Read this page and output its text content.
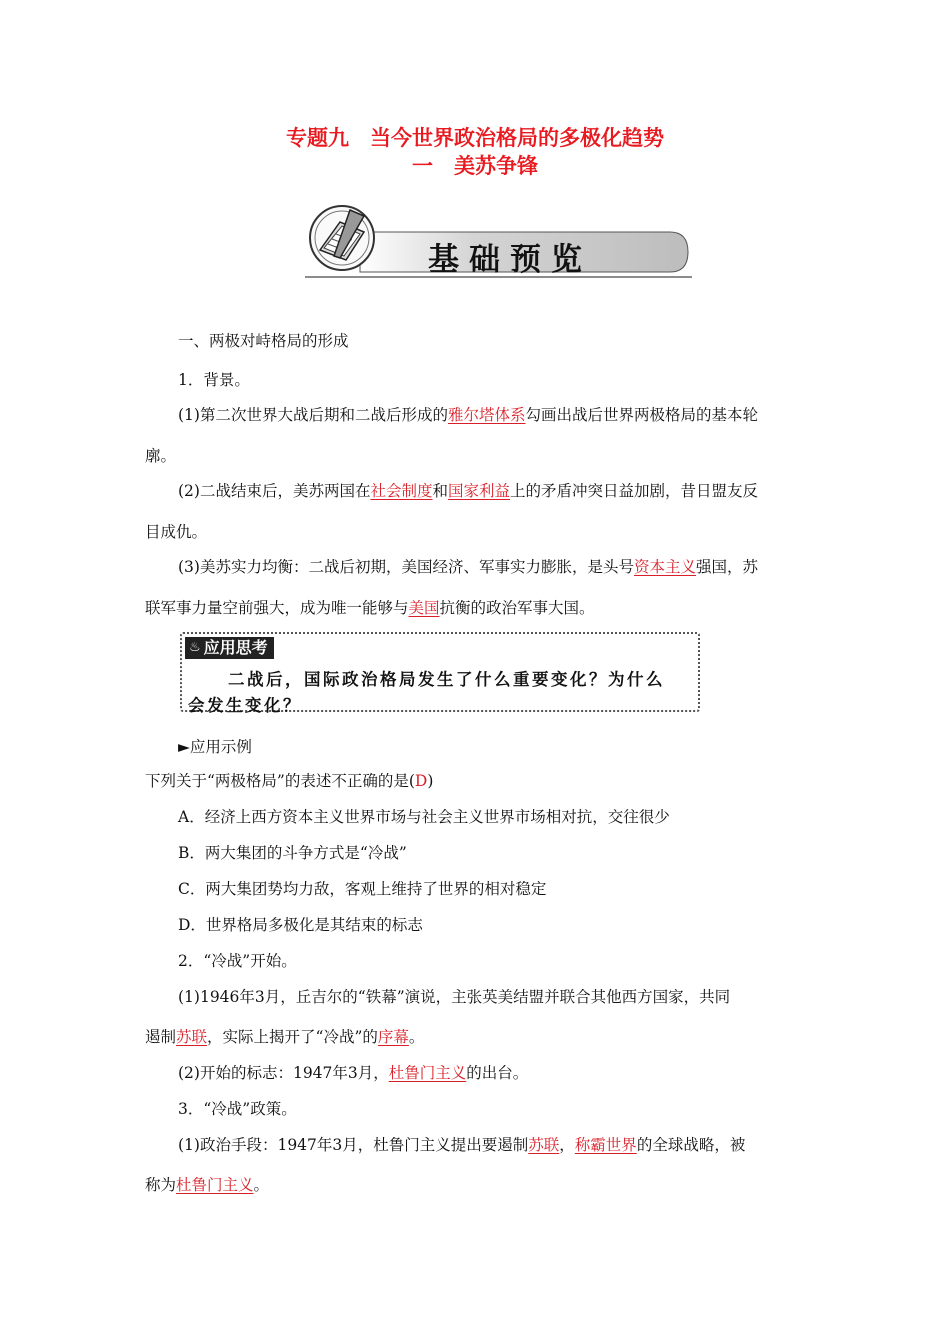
专题九　当今世界政治格局的多极化趋势
一　美苏争锋
基础预览
一、两极对峙格局的形成
1．背景。
(1)第二次世界大战后期和二战后形成的雅尔塔体系勾画出战后世界两极格局的基本轮
廓。
(2)二战结束后，美苏两国在社会制度和国家利益上的矛盾冲突日益加剧，昔日盟友反
目成仇。
(3)美苏实力均衡：二战后初期，美国经济、军事实力膨胀，是头号资本主义强国，苏
联军事力量空前强大，成为唯一能够与美国抗衡的政治军事大国。
♨ 应用思考
二战后，国际政治格局发生了什么重要变化？为什么
会发生变化？
►应用示例
下列关于“两极格局”的表述不正确的是(D)
A．经济上西方资本主义世界市场与社会主义世界市场相对抗，交往很少
B．两大集团的斗争方式是“冷战”
C．两大集团势均力敌，客观上维持了世界的相对稳定
D．世界格局多极化是其结束的标志
2．“冷战”开始。
(1)1946年3月，丘吉尔的“铁幕”演说，主张英美结盟并联合其他西方国家，共同
遏制苏联，实际上揭开了“冷战”的序幕。
(2)开始的标志：1947年3月，杜鲁门主义的出台。
3．“冷战”政策。
(1)政治手段：1947年3月，杜鲁门主义提出要遏制苏联，称霸世界的全球战略，被
称为杜鲁门主义。
